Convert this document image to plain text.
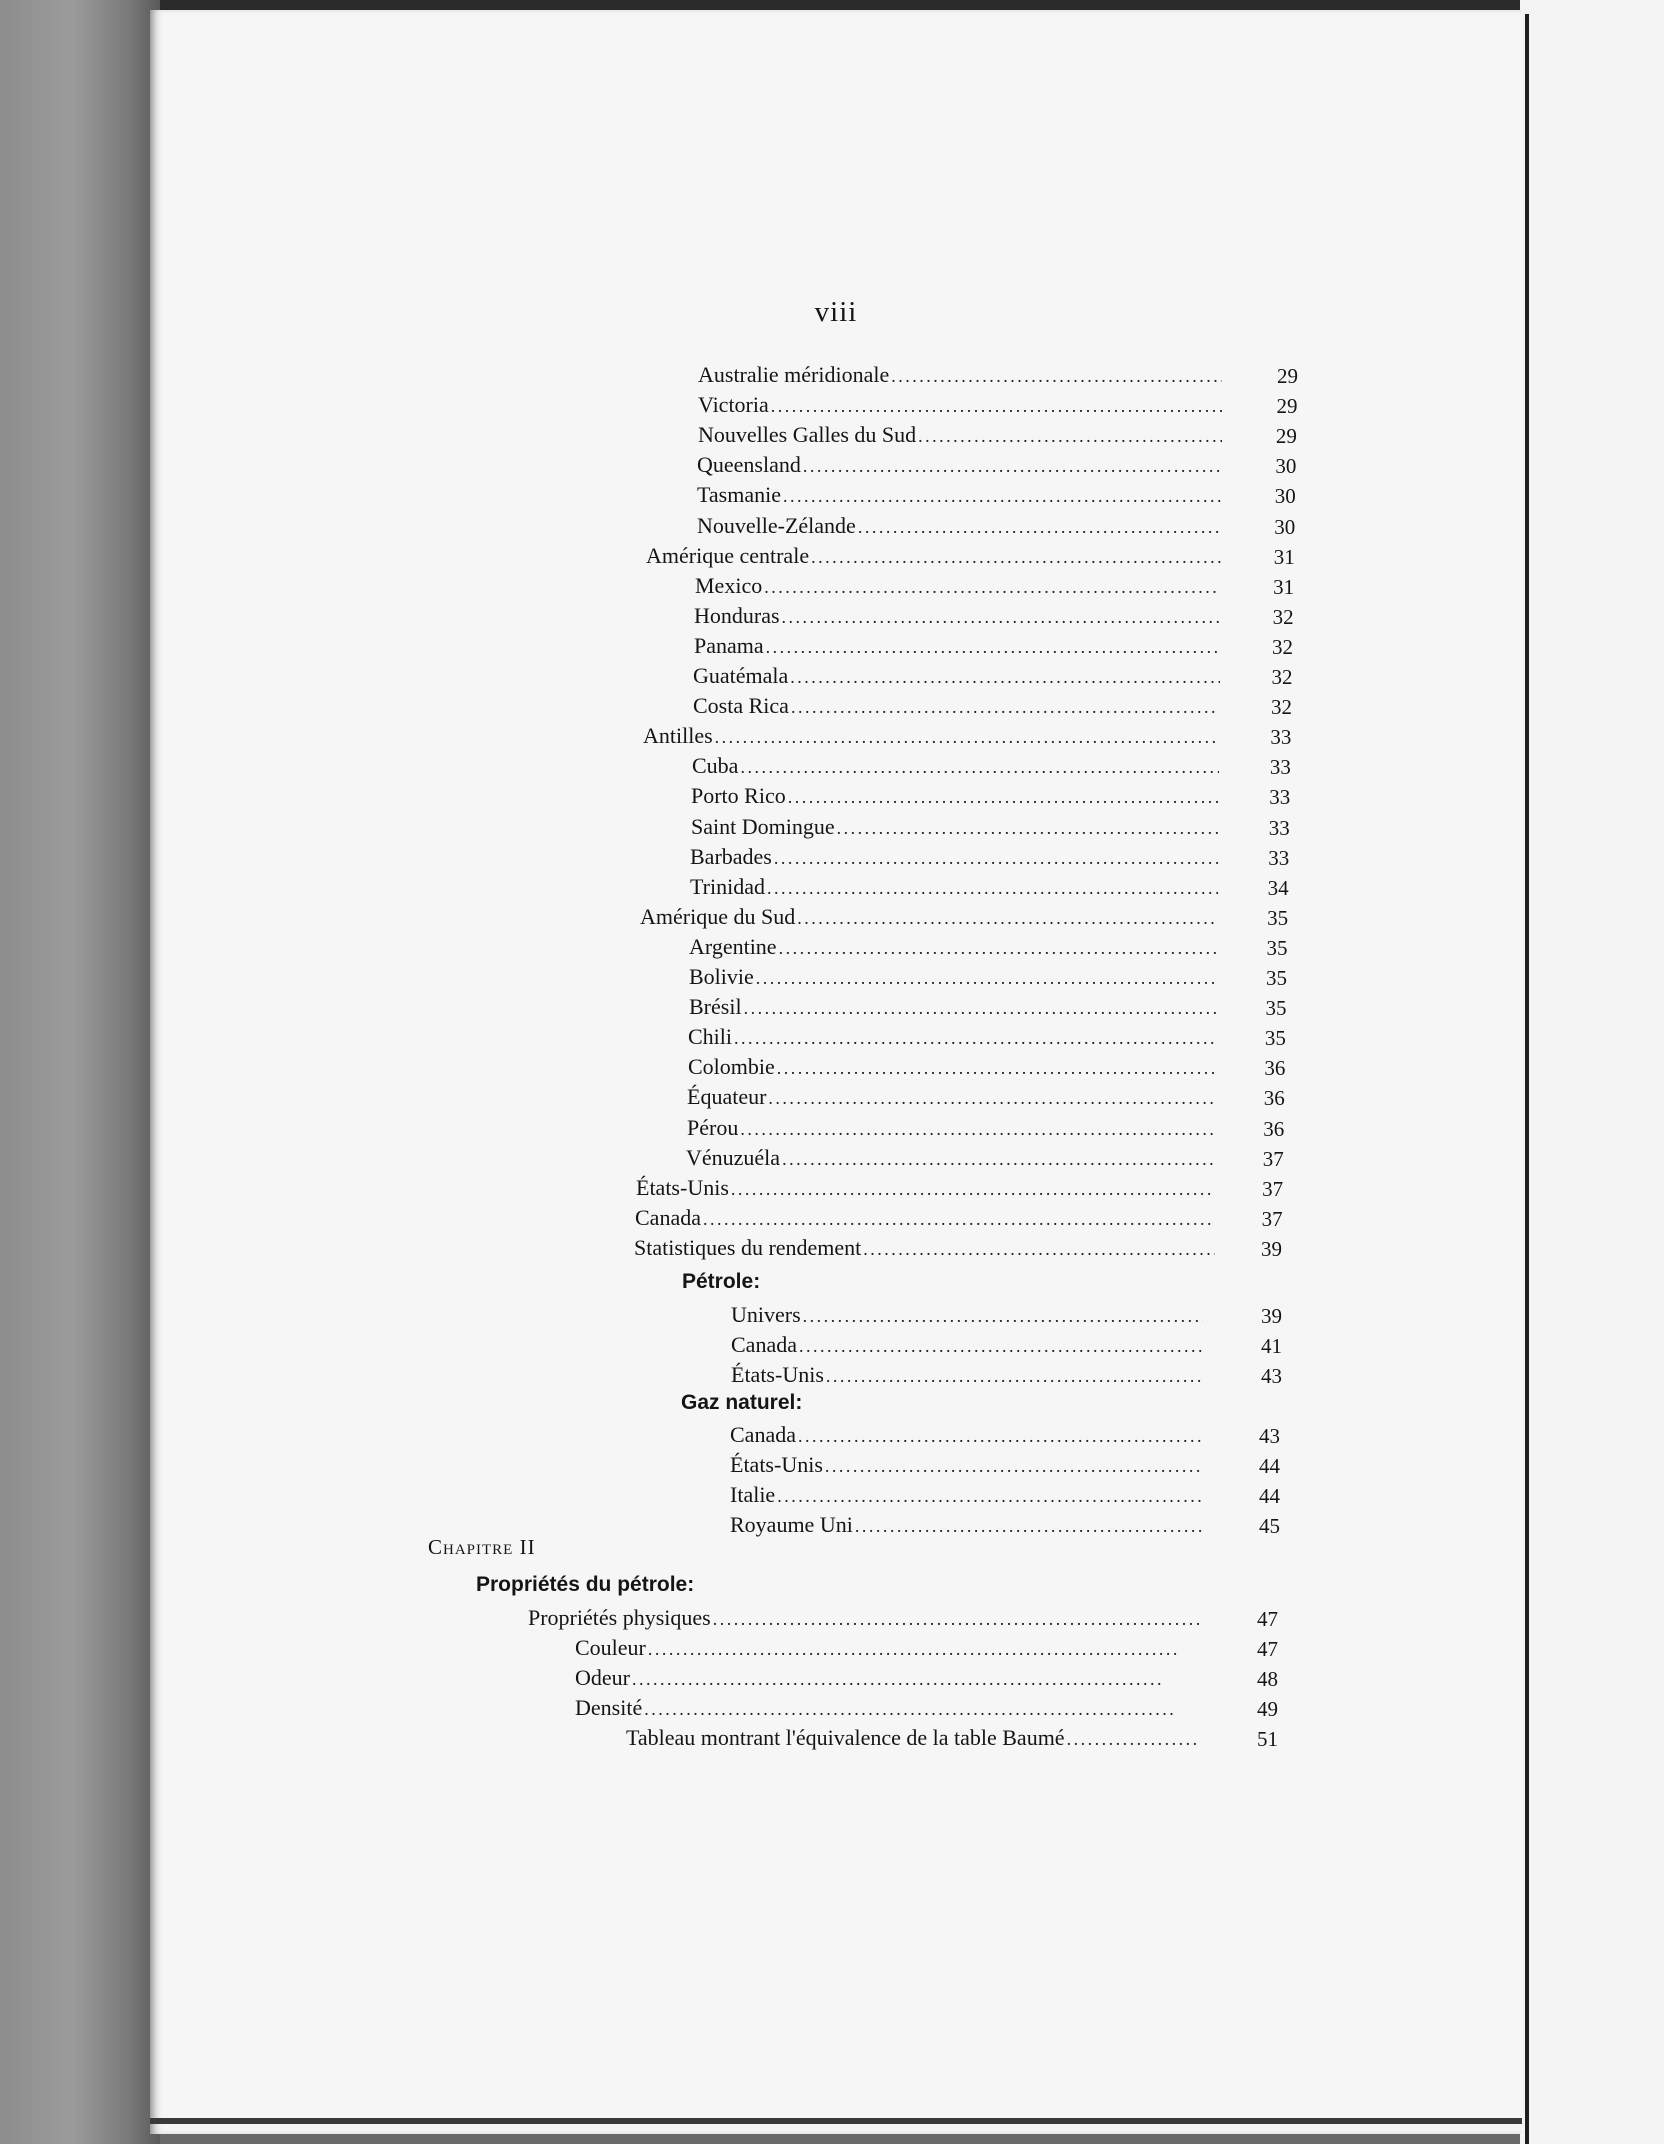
viii
Australie méridionale . . .	29
Victoria . . .	29
Nouvelles Galles du Sud . . .	29
Queensland . . .	30
Tasmanie . . .	30
Nouvelle-Zélande . . .	30
Amérique centrale . . .	31
Mexico . . .	31
Honduras . . .	32
Panama . . .	32
Guatémala . . .	32
Costa Rica . . .	32
Antilles . . .	33
Cuba . . .	33
Porto Rico . . .	33
Saint Domingue . . .	33
Barbades . . .	33
Trinidad . . .	34
Amérique du Sud . . .	35
Argentine . . .	35
Bolivie . . .	35
Brésil . . .	35
Chili . . .	35
Colombie . . .	36
Équateur . . .	36
Pérou . . .	36
Vénuzuéla . . .	37
États-Unis . . .	37
Canada . . .	37
Statistiques du rendement . . .	39
Pétrole:
Univers . . .	39
Canada . . .	41
États-Unis . . .	43
Gaz naturel:
Canada . . .	43
États-Unis . . .	44
Italie . . .	44
Royaume Uni . . .	45
Chapitre II
Propriétés du pétrole:
Propriétés physiques . . .	47
Couleur . . .	47
Odeur . . .	48
Densité . . .	49
Tableau montrant l'équivalence de la table Baumé . . .	51
